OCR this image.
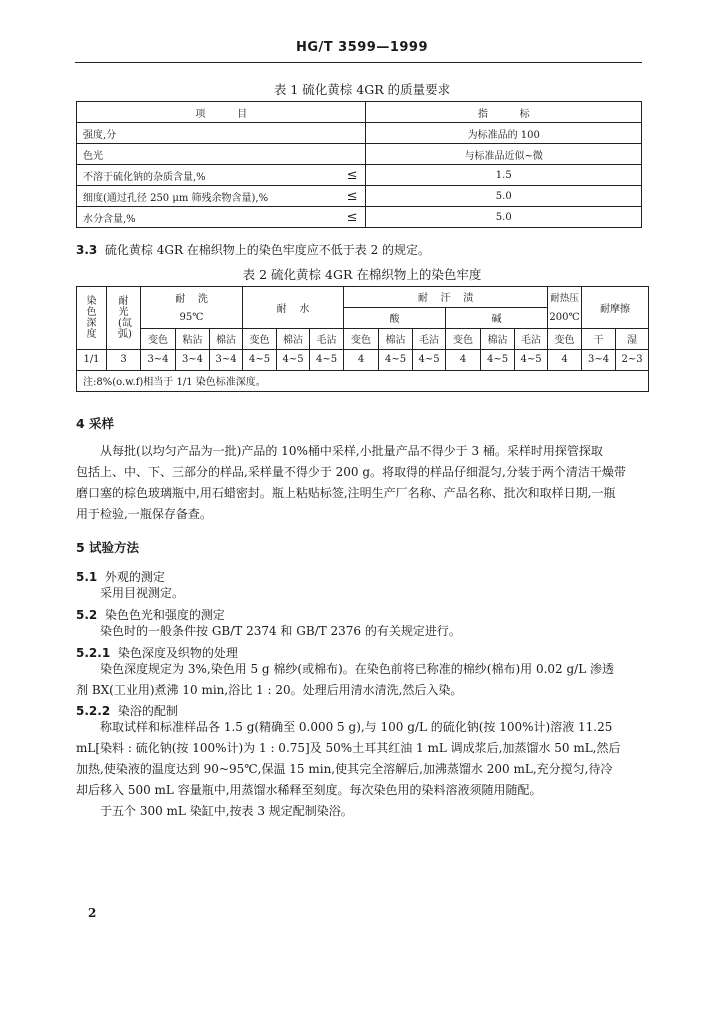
HG/T 3599—1999
表 1 硫化黄棕 4GR 的质量要求
项          目		指          标
强度,分		为标准品的 100
色光		与标准品近似~微
不溶于硫化钠的杂质含量,%	≤	1.5
细度(通过孔径 250 μm 筛残余物含量),%	≤	5.0
水分含量,%	≤	5.0
3.3 硫化黄棕 4GR 在棉织物上的染色牢度应不低于表 2 的规定。
表 2 硫化黄棕 4GR 在棉织物上的染色牢度
染色深度	耐光(氙弧)	耐    洗			耐    水			耐    汗    渍						耐热压	耐摩擦	
		95℃						酸			碱			200℃		
		变色	粘沾	棉沾	变色	棉沾	毛沾	变色	棉沾	毛沾	变色	棉沾	毛沾	变色	干	湿
1/1	3	3~4	3~4	3~4	4~5	4~5	4~5	4	4~5	4~5	4	4~5	4~5	4	3~4	2~3
注:8%(o.w.f)相当于 1/1 染色标准深度。																
4 采样
从每批(以均匀产品为一批)产品的 10%桶中采样,小批量产品不得少于 3 桶。采样时用探管探取
包括上、中、下、三部分的样品,采样量不得少于 200 g。将取得的样品仔细混匀,分装于两个清洁干燥带
磨口塞的棕色玻璃瓶中,用石蜡密封。瓶上粘贴标签,注明生产厂名称、产品名称、批次和取样日期,一瓶
用于检验,一瓶保存备查。
5 试验方法
5.1 外观的测定
采用目视测定。
5.2 染色色光和强度的测定
染色时的一般条件按 GB/T 2374 和 GB/T 2376 的有关规定进行。
5.2.1 染色深度及织物的处理
染色深度规定为 3%,染色用 5 g 棉纱(或棉布)。在染色前将已称准的棉纱(棉布)用 0.02 g/L 渗透
剂 BX(工业用)煮沸 10 min,浴比 1 : 20。处理后用清水清洗,然后入染。
5.2.2 染浴的配制
称取试样和标准样品各 1.5 g(精确至 0.000 5 g),与 100 g/L 的硫化钠(按 100%计)溶液 11.25
mL[染料 : 硫化钠(按 100%计)为 1 : 0.75]及 50%土耳其红油 1 mL 调成浆后,加蒸馏水 50 mL,然后
加热,使染液的温度达到 90~95℃,保温 15 min,使其完全溶解后,加沸蒸馏水 200 mL,充分搅匀,待冷
却后移入 500 mL 容量瓶中,用蒸馏水稀释至刻度。每次染色用的染料溶液须随用随配。
于五个 300 mL 染缸中,按表 3 规定配制染浴。
2
